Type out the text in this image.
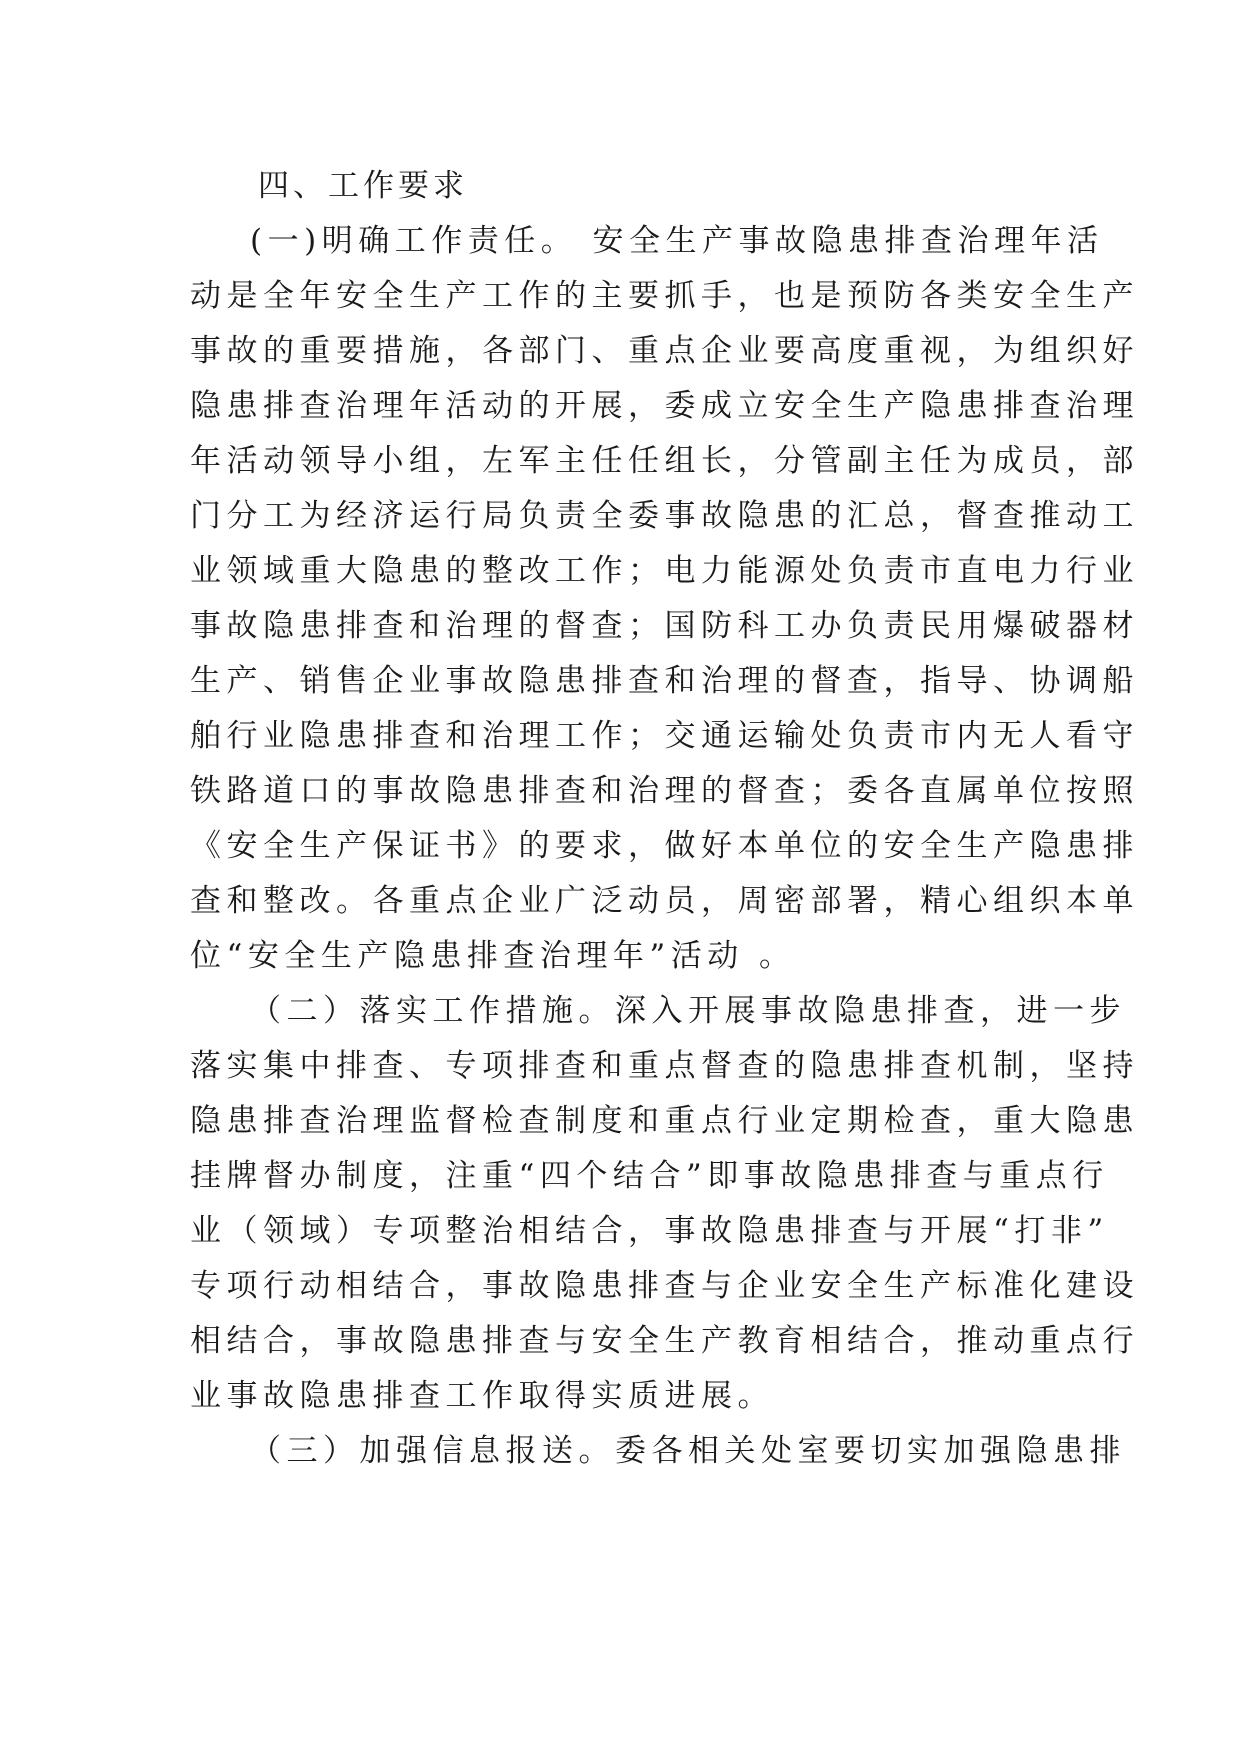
四、工作要求

(一)明确工作责任。 安全生产事故隐患排查治理年活

动是全年安全生产工作的主要抓手，也是预防各类安全生产

事故的重要措施，各部门、重点企业要高度重视，为组织好

隐患排查治理年活动的开展，委成立安全生产隐患排查治理

年活动领导小组，左军主任任组长，分管副主任为成员，部

门分工为经济运行局负责全委事故隐患的汇总，督查推动工

业领域重大隐患的整改工作；电力能源处负责市直电力行业

事故隐患排查和治理的督查；国防科工办负责民用爆破器材

生产、销售企业事故隐患排查和治理的督查，指导、协调船

舶行业隐患排查和治理工作；交通运输处负责市内无人看守

铁路道口的事故隐患排查和治理的督查；委各直属单位按照

《安全生产保证书》的要求，做好本单位的安全生产隐患排

查和整改。各重点企业广泛动员，周密部署，精心组织本单

位“安全生产隐患排查治理年”活动 。

（二）落实工作措施。深入开展事故隐患排查，进一步

落实集中排查、专项排查和重点督查的隐患排查机制，坚持

隐患排查治理监督检查制度和重点行业定期检查，重大隐患

挂牌督办制度，注重“四个结合”即事故隐患排查与重点行

业（领域）专项整治相结合，事故隐患排查与开展“打非”

专项行动相结合，事故隐患排查与企业安全生产标准化建设

相结合，事故隐患排查与安全生产教育相结合，推动重点行

业事故隐患排查工作取得实质进展。

（三）加强信息报送。委各相关处室要切实加强隐患排
